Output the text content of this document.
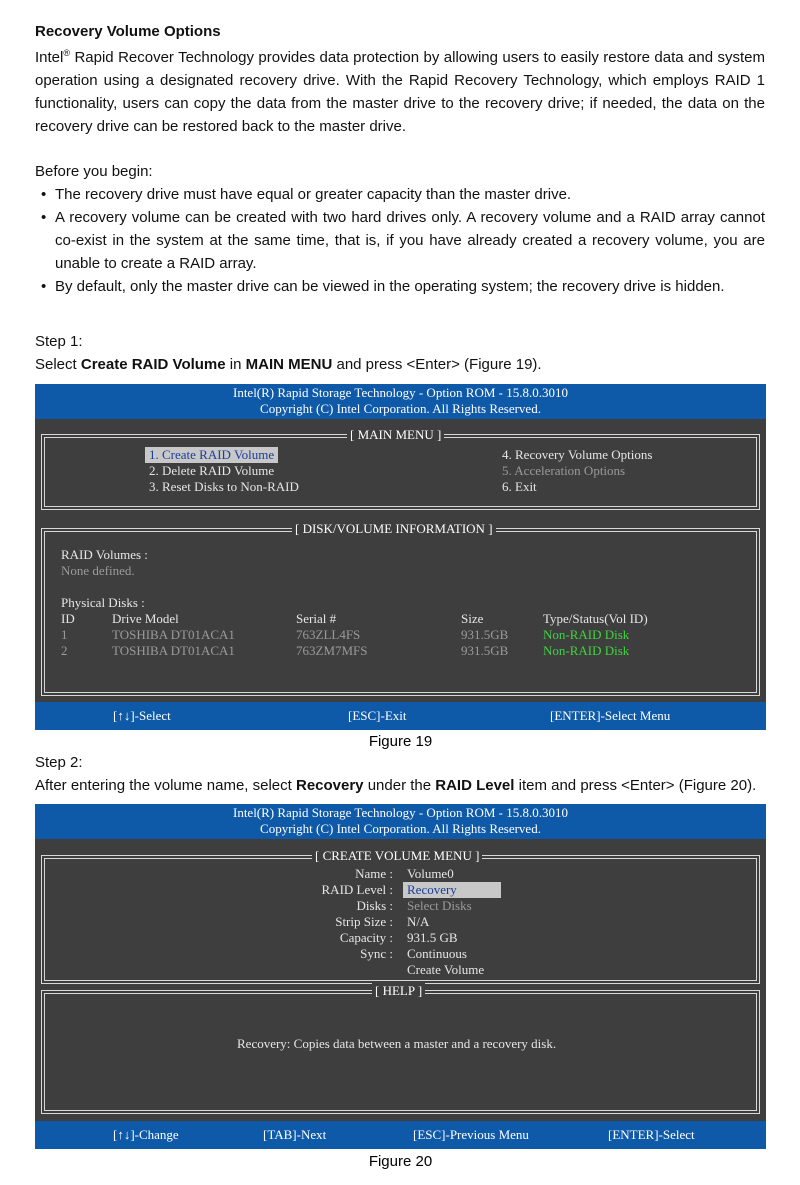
Recovery Volume Options

Intel® Rapid Recover Technology provides data protection by allowing users to easily restore data and system operation using a designated recovery drive. With the Rapid Recovery Technology, which employs RAID 1 functionality, users can copy the data from the master drive to the recovery drive; if needed, the data on the recovery drive can be restored back to the master drive.

Before you begin:

• The recovery drive must have equal or greater capacity than the master drive.
• A recovery volume can be created with two hard drives only. A recovery volume and a RAID array cannot co-exist in the system at the same time, that is, if you have already created a recovery volume, you are unable to create a RAID array.
• By default, only the master drive can be viewed in the operating system; the recovery drive is hidden.

Step 1:

Select Create RAID Volume in MAIN MENU and press <Enter> (Figure 19).

Intel(R) Rapid Storage Technology - Option ROM - 15.8.0.3010
Copyright (C) Intel Corporation. All Rights Reserved.
[ MAIN MENU ]
1. Create RAID Volume
2. Delete RAID Volume
3. Reset Disks to Non-RAID
4. Recovery Volume Options
5. Acceleration Options
6. Exit
[ DISK/VOLUME INFORMATION ]
RAID Volumes :
None defined.
Physical Disks :
ID	Drive Model	Serial #	Size	Type/Status(Vol ID)
1	TOSHIBA DT01ACA1	763ZLL4FS	931.5GB	Non-RAID Disk
2	TOSHIBA DT01ACA1	763ZM7MFS	931.5GB	Non-RAID Disk
[↑↓]-Select	[ESC]-Exit	[ENTER]-Select Menu

Figure 19

Step 2:

After entering the volume name, select Recovery under the RAID Level item and press <Enter> (Figure 20).

Intel(R) Rapid Storage Technology - Option ROM - 15.8.0.3010
Copyright (C) Intel Corporation. All Rights Reserved.
[ CREATE VOLUME MENU ]
Name : Volume0
RAID Level :	Recovery
Disks : Select Disks
Strip Size : N/A
Capacity : 931.5 GB
Sync : Continuous
Create Volume
[ HELP ]
Recovery: Copies data between a master and a recovery disk.
[↑↓]-Change	[TAB]-Next	[ESC]-Previous Menu	[ENTER]-Select

Figure 20
